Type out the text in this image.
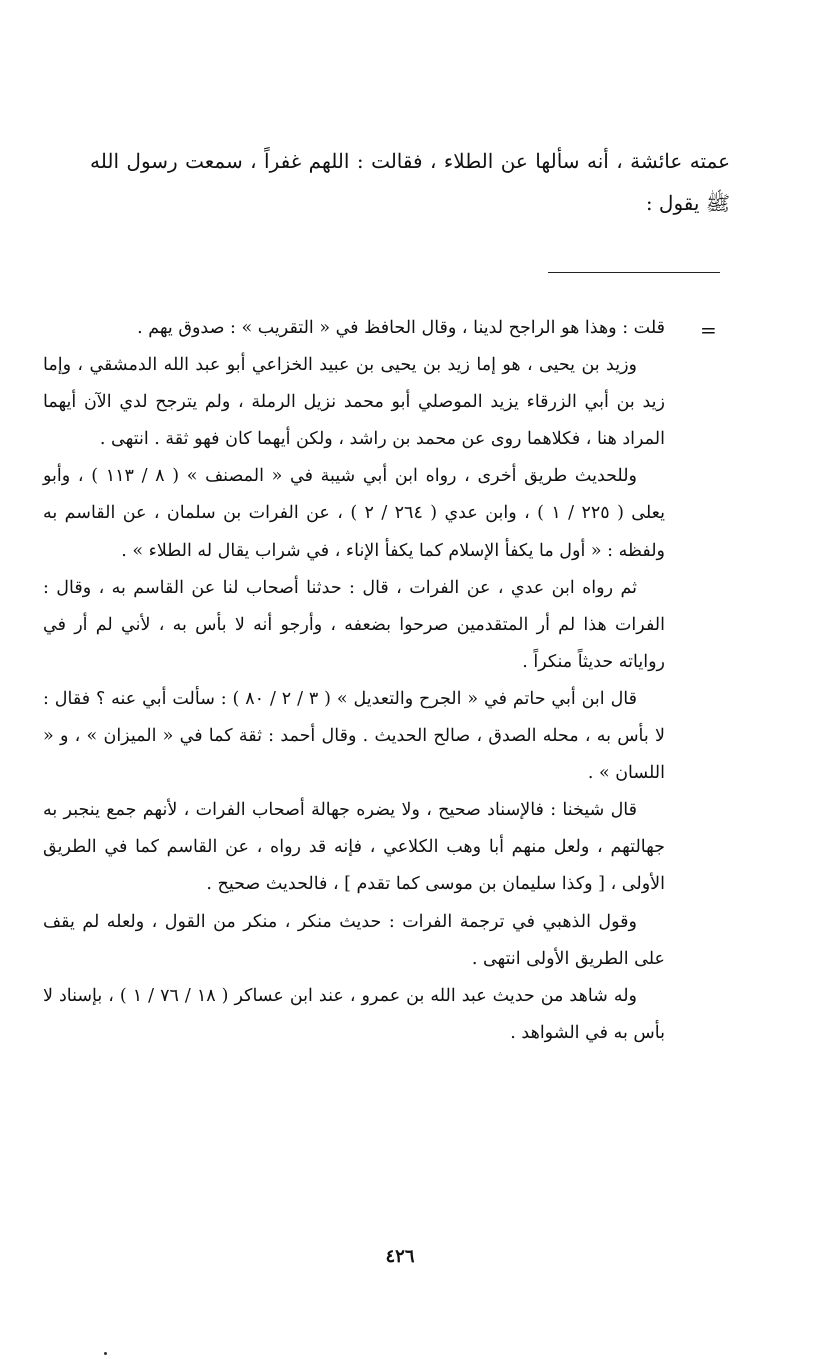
عمته عائشة ، أنه سألها عن الطلاء ، فقالت : اللهم غفراً ، سمعت رسول الله ﷺ يقول :

=

قلت : وهذا هو الراجح لدينا ، وقال الحافظ في « التقريب » : صدوق يهم .

وزيد بن يحيى ، هو إما زيد بن يحيى بن عبيد الخزاعي أبو عبد الله الدمشقي ، وإما زيد بن أبي الزرقاء يزيد الموصلي أبو محمد نزيل الرملة ، ولم يترجح لدي الآن أيهما المراد هنا ، فكلاهما روى عن محمد بن راشد ، ولكن أيهما كان فهو ثقة . انتهى .

وللحديث طريق أخرى ، رواه ابن أبي شيبة في « المصنف » ( ٨ / ١١٣ ) ، وأبو يعلى ( ٢٢٥ / ١ ) ، وابن عدي ( ٢٦٤ / ٢ ) ، عن الفرات بن سلمان ، عن القاسم به ولفظه : « أول ما يكفأ الإسلام كما يكفأ الإناء ، في شراب يقال له الطلاء » .

ثم رواه ابن عدي ، عن الفرات ، قال : حدثنا أصحاب لنا عن القاسم به ، وقال : الفرات هذا لم أر المتقدمين صرحوا بضعفه ، وأرجو أنه لا بأس به ، لأني لم أر في رواياته حديثاً منكراً .

قال ابن أبي حاتم في « الجرح والتعديل » ( ٣ / ٢ / ٨٠ ) : سألت أبي عنه ؟ فقال : لا بأس به ، محله الصدق ، صالح الحديث . وقال أحمد : ثقة كما في « الميزان » ، و « اللسان » .

قال شيخنا : فالإسناد صحيح ، ولا يضره جهالة أصحاب الفرات ، لأنهم جمع ينجبر به جهالتهم ، ولعل منهم أبا وهب الكلاعي ، فإنه قد رواه ، عن القاسم كما في الطريق الأولى ، [ وكذا سليمان بن موسى كما تقدم ] ، فالحديث صحيح .

وقول الذهبي في ترجمة الفرات : حديث منكر ، منكر من القول ، ولعله لم يقف على الطريق الأولى انتهى .

وله شاهد من حديث عبد الله بن عمرو ، عند ابن عساكر ( ١٨ / ٧٦ / ١ ) ، بإسناد لا بأس به في الشواهد .

٤٢٦
